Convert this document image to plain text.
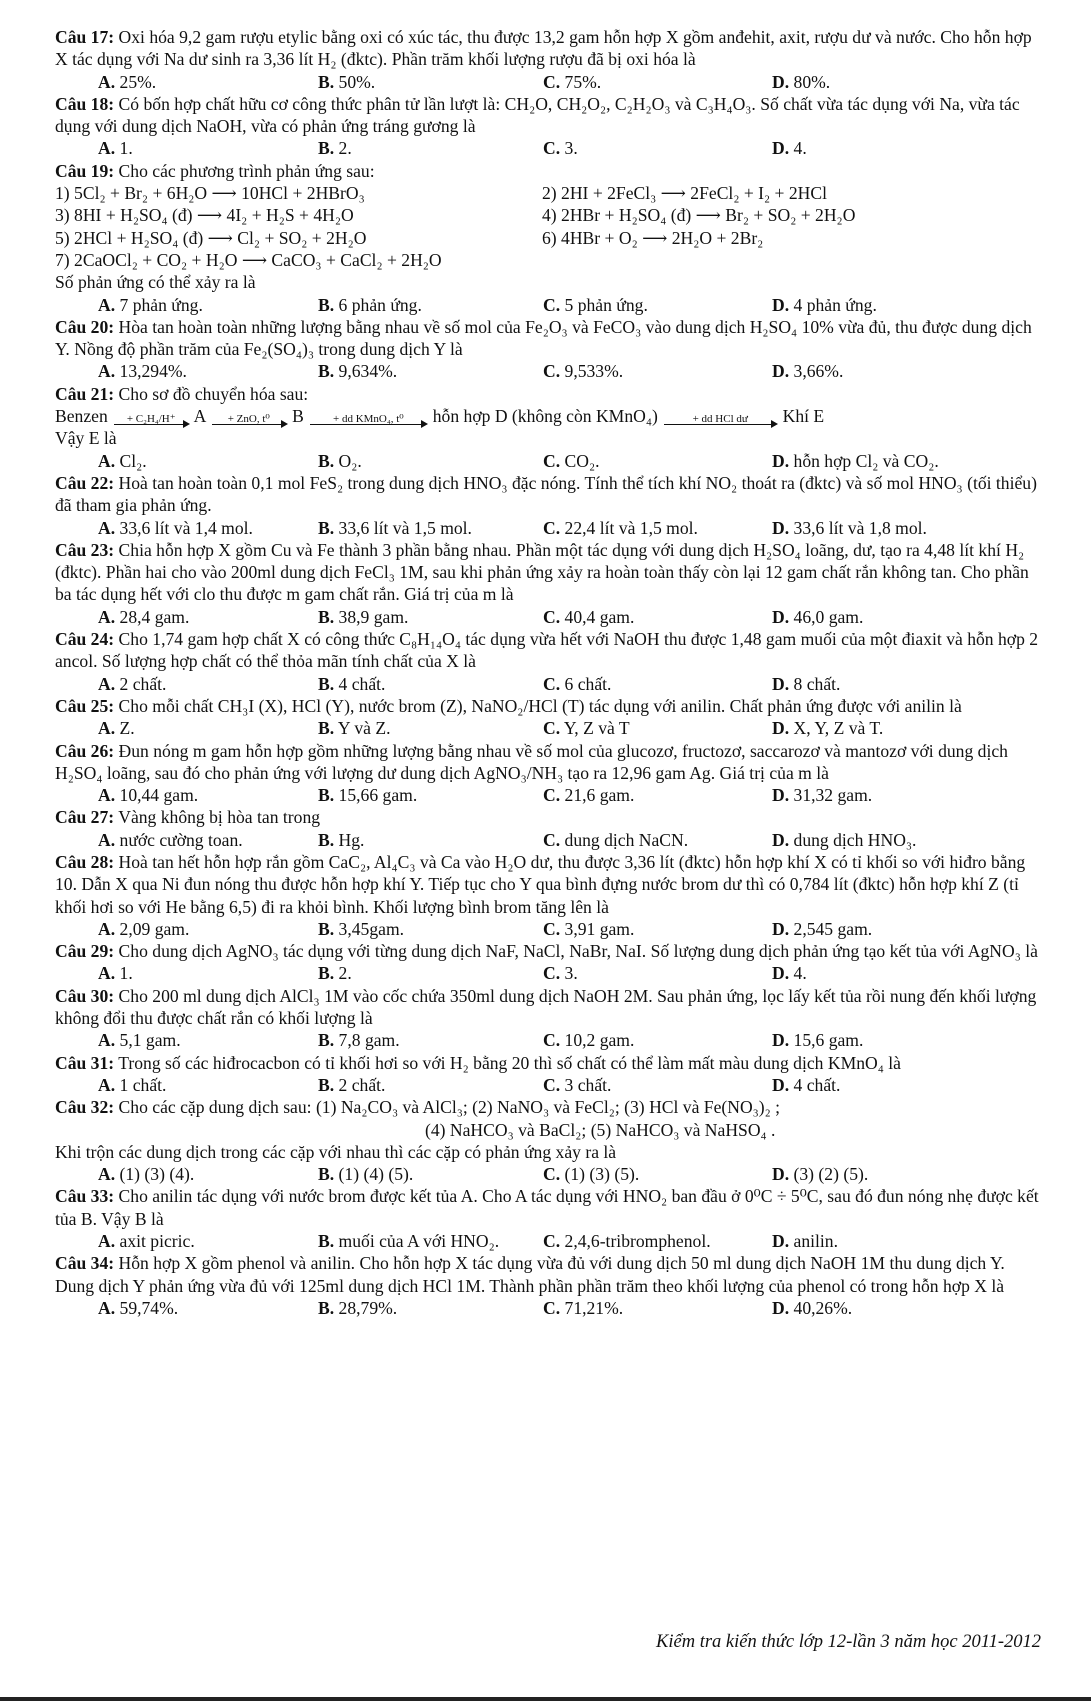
Câu 17: Oxi hóa 9,2 gam rượu etylic bằng oxi có xúc tác, thu được 13,2 gam hỗn hợp X gồm anđehit, axit, rượu dư và nước. Cho hỗn hợp X tác dụng với Na dư sinh ra 3,36 lít H₂ (đktc). Phần trăm khối lượng rượu đã bị oxi hóa là
A. 25%.	B. 50%.	C. 75%.	D. 80%.
Câu 18: Có bốn hợp chất hữu cơ công thức phân tử lần lượt là: CH₂O, CH₂O₂, C₂H₂O₃ và C₃H₄O₃. Số chất vừa tác dụng với Na, vừa tác dụng với dung dịch NaOH, vừa có phản ứng tráng gương là
A. 1.	B. 2.	C. 3.	D. 4.
Câu 19: Cho các phương trình phản ứng sau:
1) 5Cl₂ + Br₂ + 6H₂O ⟶ 10HCl + 2HBrO₃	2) 2HI + 2FeCl₃ ⟶ 2FeCl₂ + I₂ + 2HCl
3) 8HI + H₂SO₄ (đ) ⟶ 4I₂ + H₂S + 4H₂O	4) 2HBr + H₂SO₄ (đ) ⟶ Br₂ + SO₂ + 2H₂O
5) 2HCl + H₂SO₄ (đ) ⟶ Cl₂ + SO₂ + 2H₂O	6) 4HBr + O₂ ⟶ 2H₂O + 2Br₂
7) 2CaOCl₂ + CO₂ + H₂O ⟶ CaCO₃ + CaCl₂ + 2H₂O
Số phản ứng có thể xảy ra là
A. 7 phản ứng.	B. 6 phản ứng.	C. 5 phản ứng.	D. 4 phản ứng.
Câu 20: Hòa tan hoàn toàn những lượng bằng nhau về số mol của Fe₂O₃ và FeCO₃ vào dung dịch H₂SO₄ 10% vừa đủ, thu được dung dịch Y. Nồng độ phần trăm của Fe₂(SO₄)₃ trong dung dịch Y là
A. 13,294%.	B. 9,634%.	C. 9,533%.	D. 3,66%.
Câu 21: Cho sơ đồ chuyển hóa sau:
Benzen	+ C₂H₄/H⁺	A	+ ZnO, t⁰	B	+ dd KMnO₄, t⁰	hỗn hợp D (không còn KMnO₄)	+ dd HCl dư	Khí E
Vậy E là
A. Cl₂.	B. O₂.	C. CO₂.	D. hỗn hợp Cl₂ và CO₂.
Câu 22: Hoà tan hoàn toàn 0,1 mol FeS₂ trong dung dịch HNO₃ đặc nóng. Tính thể tích khí NO₂ thoát ra (đktc) và số mol HNO₃ (tối thiểu) đã tham gia phản ứng.
A. 33,6 lít và 1,4 mol.	B. 33,6 lít và 1,5 mol.	C. 22,4 lít và 1,5 mol.	D. 33,6 lít và 1,8 mol.
Câu 23: Chia hỗn hợp X gồm Cu và Fe thành 3 phần bằng nhau. Phần một tác dụng với dung dịch H₂SO₄ loãng, dư, tạo ra 4,48 lít khí H₂ (đktc). Phần hai cho vào 200ml dung dịch FeCl₃ 1M, sau khi phản ứng xảy ra hoàn toàn thấy còn lại 12 gam chất rắn không tan. Cho phần ba tác dụng hết với clo thu được m gam chất rắn. Giá trị của m là
A. 28,4 gam.	B. 38,9 gam.	C. 40,4 gam.	D. 46,0 gam.
Câu 24: Cho 1,74 gam hợp chất X có công thức C₈H₁₄O₄ tác dụng vừa hết với NaOH thu được 1,48 gam muối của một điaxit và hỗn hợp 2 ancol. Số lượng hợp chất có thể thỏa mãn tính chất của X là
A. 2 chất.	B. 4 chất.	C. 6 chất.	D. 8 chất.
Câu 25: Cho mỗi chất CH₃I (X), HCl (Y), nước brom (Z), NaNO₂/HCl (T) tác dụng với anilin. Chất phản ứng được với anilin là
A. Z.	B. Y và Z.	C. Y, Z và T	D. X, Y, Z và T.
Câu 26: Đun nóng m gam hỗn hợp gồm những lượng bằng nhau về số mol của glucozơ, fructozơ, saccarozơ và mantozơ với dung dịch H₂SO₄ loãng, sau đó cho phản ứng với lượng dư dung dịch AgNO₃/NH₃ tạo ra 12,96 gam Ag. Giá trị của m là
A. 10,44 gam.	B. 15,66 gam.	C. 21,6 gam.	D. 31,32 gam.
Câu 27: Vàng không bị hòa tan trong
A. nước cường toan.	B. Hg.	C. dung dịch NaCN.	D. dung dịch HNO₃.
Câu 28: Hoà tan hết hỗn hợp rắn gồm CaC₂, Al₄C₃ và Ca vào H₂O dư, thu được 3,36 lít (đktc) hỗn hợp khí X có tỉ khối so với hiđro bằng 10. Dẫn X qua Ni đun nóng thu được hỗn hợp khí Y. Tiếp tục cho Y qua bình đựng nước brom dư thì có 0,784 lít (đktc) hỗn hợp khí Z (tỉ khối hơi so với He bằng 6,5) đi ra khỏi bình. Khối lượng bình brom tăng lên là
A. 2,09 gam.	B. 3,45gam.	C. 3,91 gam.	D. 2,545 gam.
Câu 29: Cho dung dịch AgNO₃ tác dụng với từng dung dịch NaF, NaCl, NaBr, NaI. Số lượng dung dịch phản ứng tạo kết tủa với AgNO₃ là
A. 1.	B. 2.	C. 3.	D. 4.
Câu 30: Cho 200 ml dung dịch AlCl₃ 1M vào cốc chứa 350ml dung dịch NaOH 2M. Sau phản ứng, lọc lấy kết tủa rồi nung đến khối lượng không đổi thu được chất rắn có khối lượng là
A. 5,1 gam.	B. 7,8 gam.	C. 10,2 gam.	D. 15,6 gam.
Câu 31: Trong số các hiđrocacbon có tỉ khối hơi so với H₂ bằng 20 thì số chất có thể làm mất màu dung dịch KMnO₄ là
A. 1 chất.	B. 2 chất.	C. 3 chất.	D. 4 chất.
Câu 32: Cho các cặp dung dịch sau: (1) Na₂CO₃ và AlCl₃; (2) NaNO₃ và FeCl₂; (3) HCl và Fe(NO₃)₂ ;
(4) NaHCO₃ và BaCl₂; (5) NaHCO₃ và NaHSO₄ .
Khi trộn các dung dịch trong các cặp với nhau thì các cặp có phản ứng xảy ra là
A. (1) (3) (4).	B. (1) (4) (5).	C. (1) (3) (5).	D. (3) (2) (5).
Câu 33: Cho anilin tác dụng với nước brom được kết tủa A. Cho A tác dụng với HNO₂ ban đầu ở 0⁰C ÷ 5⁰C, sau đó đun nóng nhẹ được kết tủa B. Vậy B là
A. axit picric.	B. muối của A với HNO₂.	C. 2,4,6-tribromphenol.	D. anilin.
Câu 34: Hỗn hợp X gồm phenol và anilin. Cho hỗn hợp X tác dụng vừa đủ với dung dịch 50 ml dung dịch NaOH 1M thu dung dịch Y. Dung dịch Y phản ứng vừa đủ với 125ml dung dịch HCl 1M. Thành phần phần trăm theo khối lượng của phenol có trong hỗn hợp X là
A. 59,74%.	B. 28,79%.	C. 71,21%.	D. 40,26%.
Kiểm tra kiến thức lớp 12-lần 3 năm học 2011-2012
